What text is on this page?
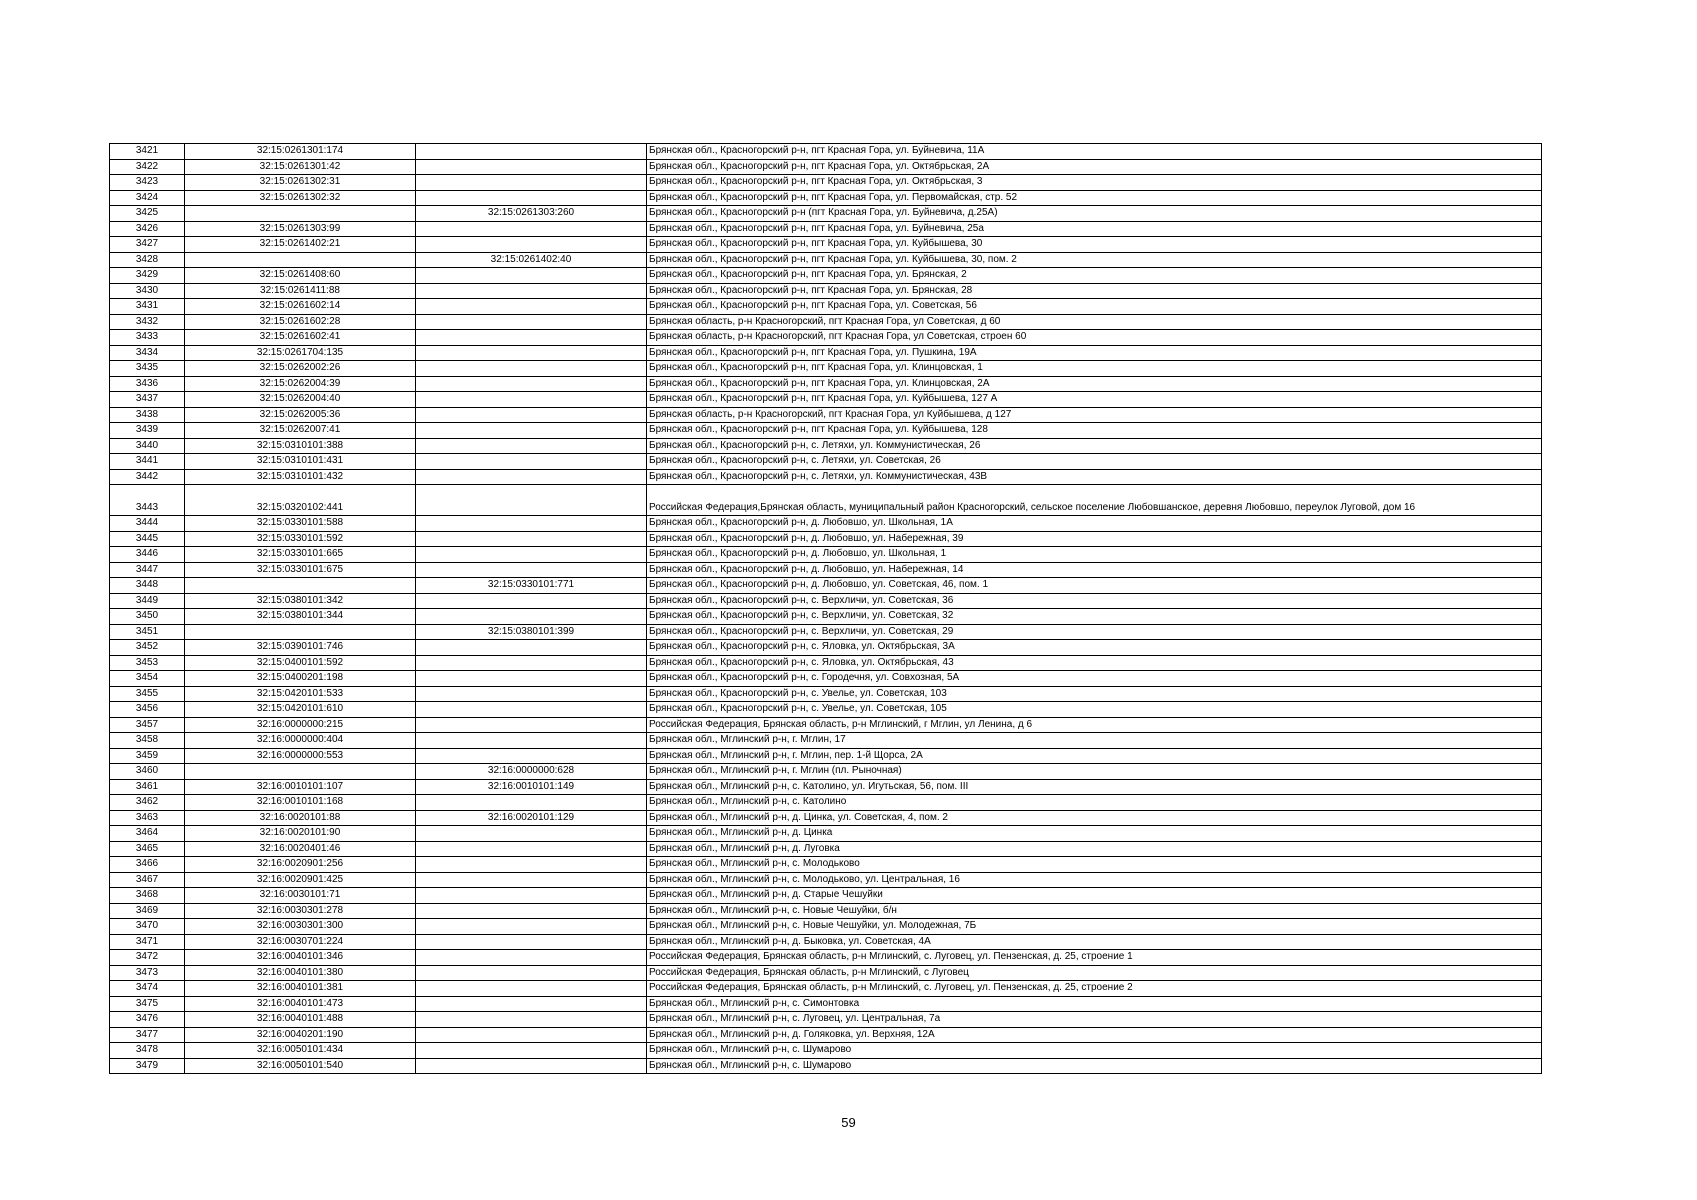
3421	32:15:0261301:174		Брянская обл., Красногорский р-н, пгт Красная Гора, ул. Буйневича, 11А
3422	32:15:0261301:42		Брянская обл., Красногорский р-н, пгт Красная Гора, ул. Октябрьская, 2А
3423	32:15:0261302:31		Брянская обл., Красногорский р-н, пгт Красная Гора, ул. Октябрьская, 3
3424	32:15:0261302:32		Брянская обл., Красногорский р-н, пгт Красная Гора, ул. Первомайская, стр. 52
3425		32:15:0261303:260	Брянская обл., Красногорский р-н (пгт Красная Гора, ул. Буйневича, д.25А)
3426	32:15:0261303:99		Брянская обл., Красногорский р-н, пгт Красная Гора, ул. Буйневича, 25а
3427	32:15:0261402:21		Брянская обл., Красногорский р-н, пгт Красная Гора, ул. Куйбышева, 30
3428		32:15:0261402:40	Брянская обл., Красногорский р-н, пгт Красная Гора, ул. Куйбышева, 30, пом. 2
3429	32:15:0261408:60		Брянская обл., Красногорский р-н, пгт Красная Гора, ул. Брянская, 2
3430	32:15:0261411:88		Брянская обл., Красногорский р-н, пгт Красная Гора, ул. Брянская, 28
3431	32:15:0261602:14		Брянская обл., Красногорский р-н, пгт Красная Гора, ул. Советская, 56
3432	32:15:0261602:28		Брянская область, р-н Красногорский, пгт Красная Гора, ул Советская, д 60
3433	32:15:0261602:41		Брянская область, р-н Красногорский, пгт Красная Гора, ул Советская, строен 60
3434	32:15:0261704:135		Брянская обл., Красногорский р-н, пгт Красная Гора, ул. Пушкина, 19А
3435	32:15:0262002:26		Брянская обл., Красногорский р-н, пгт Красная Гора, ул. Клинцовская, 1
3436	32:15:0262004:39		Брянская обл., Красногорский р-н, пгт Красная Гора, ул. Клинцовская, 2А
3437	32:15:0262004:40		Брянская обл., Красногорский р-н, пгт Красная Гора, ул. Куйбышева, 127 А
3438	32:15:0262005:36		Брянская область, р-н Красногорский, пгт Красная Гора, ул Куйбышева, д 127
3439	32:15:0262007:41		Брянская обл., Красногорский р-н, пгт Красная Гора, ул. Куйбышева, 128
3440	32:15:0310101:388		Брянская обл., Красногорский р-н, с. Летяхи, ул. Коммунистическая, 26
3441	32:15:0310101:431		Брянская обл., Красногорский р-н, с. Летяхи, ул. Советская, 26
3442	32:15:0310101:432		Брянская обл., Красногорский р-н, с. Летяхи, ул. Коммунистическая, 43В
3443	32:15:0320102:441		Российская Федерация,Брянская область, муниципальный район Красногорский, сельское поселение Любовшанское, деревня Любовшо, переулок Луговой, дом 16
3444	32:15:0330101:588		Брянская обл., Красногорский р-н, д. Любовшо, ул. Школьная, 1А
3445	32:15:0330101:592		Брянская обл., Красногорский р-н, д. Любовшо, ул. Набережная, 39
3446	32:15:0330101:665		Брянская обл., Красногорский р-н, д. Любовшо, ул. Школьная, 1
3447	32:15:0330101:675		Брянская обл., Красногорский р-н, д. Любовшо, ул. Набережная, 14
3448		32:15:0330101:771	Брянская обл., Красногорский р-н, д. Любовшо, ул. Советская, 46, пом. 1
3449	32:15:0380101:342		Брянская обл., Красногорский р-н, с. Верхличи, ул. Советская, 36
3450	32:15:0380101:344		Брянская обл., Красногорский р-н, с. Верхличи, ул. Советская, 32
3451		32:15:0380101:399	Брянская обл., Красногорский р-н, с. Верхличи, ул. Советская, 29
3452	32:15:0390101:746		Брянская обл., Красногорский р-н, с. Яловка, ул. Октябрьская, 3А
3453	32:15:0400101:592		Брянская обл., Красногорский р-н, с. Яловка, ул. Октябрьская, 43
3454	32:15:0400201:198		Брянская обл., Красногорский р-н, с. Городечня, ул. Совхозная, 5А
3455	32:15:0420101:533		Брянская обл., Красногорский р-н, с. Увелье, ул. Советская, 103
3456	32:15:0420101:610		Брянская обл., Красногорский р-н, с. Увелье, ул. Советская, 105
3457	32:16:0000000:215		Российская Федерация, Брянская область, р-н Мглинский, г Мглин, ул Ленина, д 6
3458	32:16:0000000:404		Брянская обл., Мглинский р-н, г. Мглин, 17
3459	32:16:0000000:553		Брянская обл., Мглинский р-н, г. Мглин, пер. 1-й Щорса, 2А
3460		32:16:0000000:628	Брянская обл., Мглинский р-н, г. Мглин (пл. Рыночная)
3461	32:16:0010101:107	32:16:0010101:149	Брянская обл., Мглинский р-н, с. Католино, ул. Игутьская, 56, пом. III
3462	32:16:0010101:168		Брянская обл., Мглинский р-н, с. Католино
3463	32:16:0020101:88	32:16:0020101:129	Брянская обл., Мглинский р-н, д. Цинка, ул. Советская, 4, пом. 2
3464	32:16:0020101:90		Брянская обл., Мглинский р-н, д. Цинка
3465	32:16:0020401:46		Брянская обл., Мглинский р-н, д. Луговка
3466	32:16:0020901:256		Брянская обл., Мглинский р-н, с. Молодьково
3467	32:16:0020901:425		Брянская обл., Мглинский р-н, с. Молодьково, ул. Центральная, 16
3468	32:16:0030101:71		Брянская обл., Мглинский р-н, д. Старые Чешуйки
3469	32:16:0030301:278		Брянская обл., Мглинский р-н, с. Новые Чешуйки, б/н
3470	32:16:0030301:300		Брянская обл., Мглинский р-н, с. Новые Чешуйки, ул. Молодежная, 7Б
3471	32:16:0030701:224		Брянская обл., Мглинский р-н, д. Быковка, ул. Советская, 4А
3472	32:16:0040101:346		Российская Федерация, Брянская область, р-н Мглинский, с. Луговец, ул. Пензенская, д. 25, строение 1
3473	32:16:0040101:380		Российская Федерация, Брянская область, р-н Мглинский, с Луговец
3474	32:16:0040101:381		Российская Федерация, Брянская область, р-н Мглинский, с. Луговец, ул. Пензенская, д. 25, строение 2
3475	32:16:0040101:473		Брянская обл., Мглинский р-н, с. Симонтовка
3476	32:16:0040101:488		Брянская обл., Мглинский р-н, с. Луговец, ул. Центральная, 7а
3477	32:16:0040201:190		Брянская обл., Мглинский р-н, д. Голяковка, ул. Верхняя, 12А
3478	32:16:0050101:434		Брянская обл., Мглинский р-н, с. Шумарово
3479	32:16:0050101:540		Брянская обл., Мглинский р-н, с. Шумарово
59
